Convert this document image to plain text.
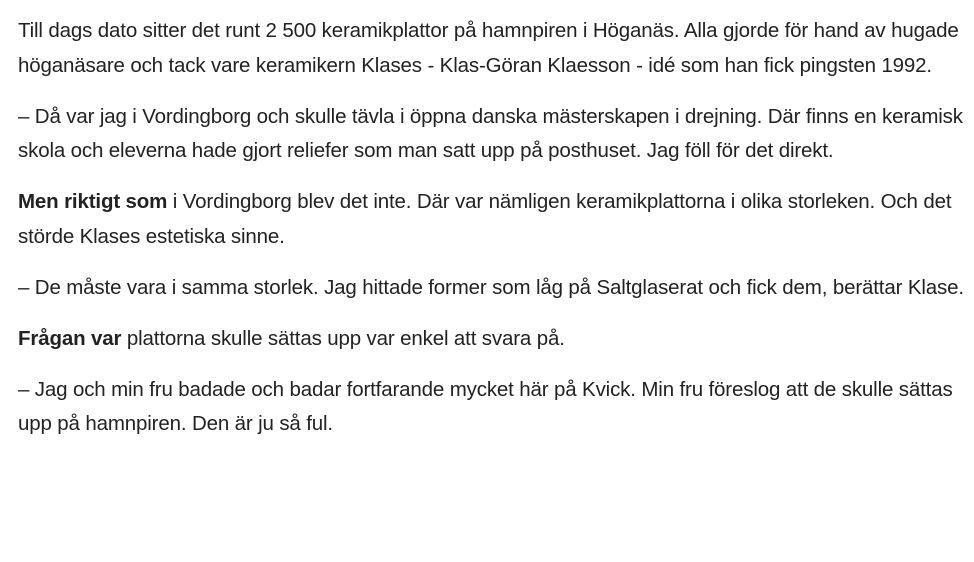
Till dags dato sitter det runt 2 500 keramikplattor på hamnpiren i Höganäs. Alla gjorde för hand av hugade höganäsare och tack vare keramikern Klases - Klas-Göran Klaesson - idé som han fick pingsten 1992.

– Då var jag i Vordingborg och skulle tävla i öppna danska mästerskapen i drejning. Där finns en keramisk skola och eleverna hade gjort reliefer som man satt upp på posthuset. Jag föll för det direkt.

Men riktigt som i Vordingborg blev det inte. Där var nämligen keramikplattorna i olika storleken. Och det störde Klases estetiska sinne.

– De måste vara i samma storlek. Jag hittade former som låg på Saltglaserat och fick dem, berättar Klase.

Frågan var plattorna skulle sättas upp var enkel att svara på.

– Jag och min fru badade och badar fortfarande mycket här på Kvick. Min fru föreslog att de skulle sättas upp på hamnpiren. Den är ju så ful.
